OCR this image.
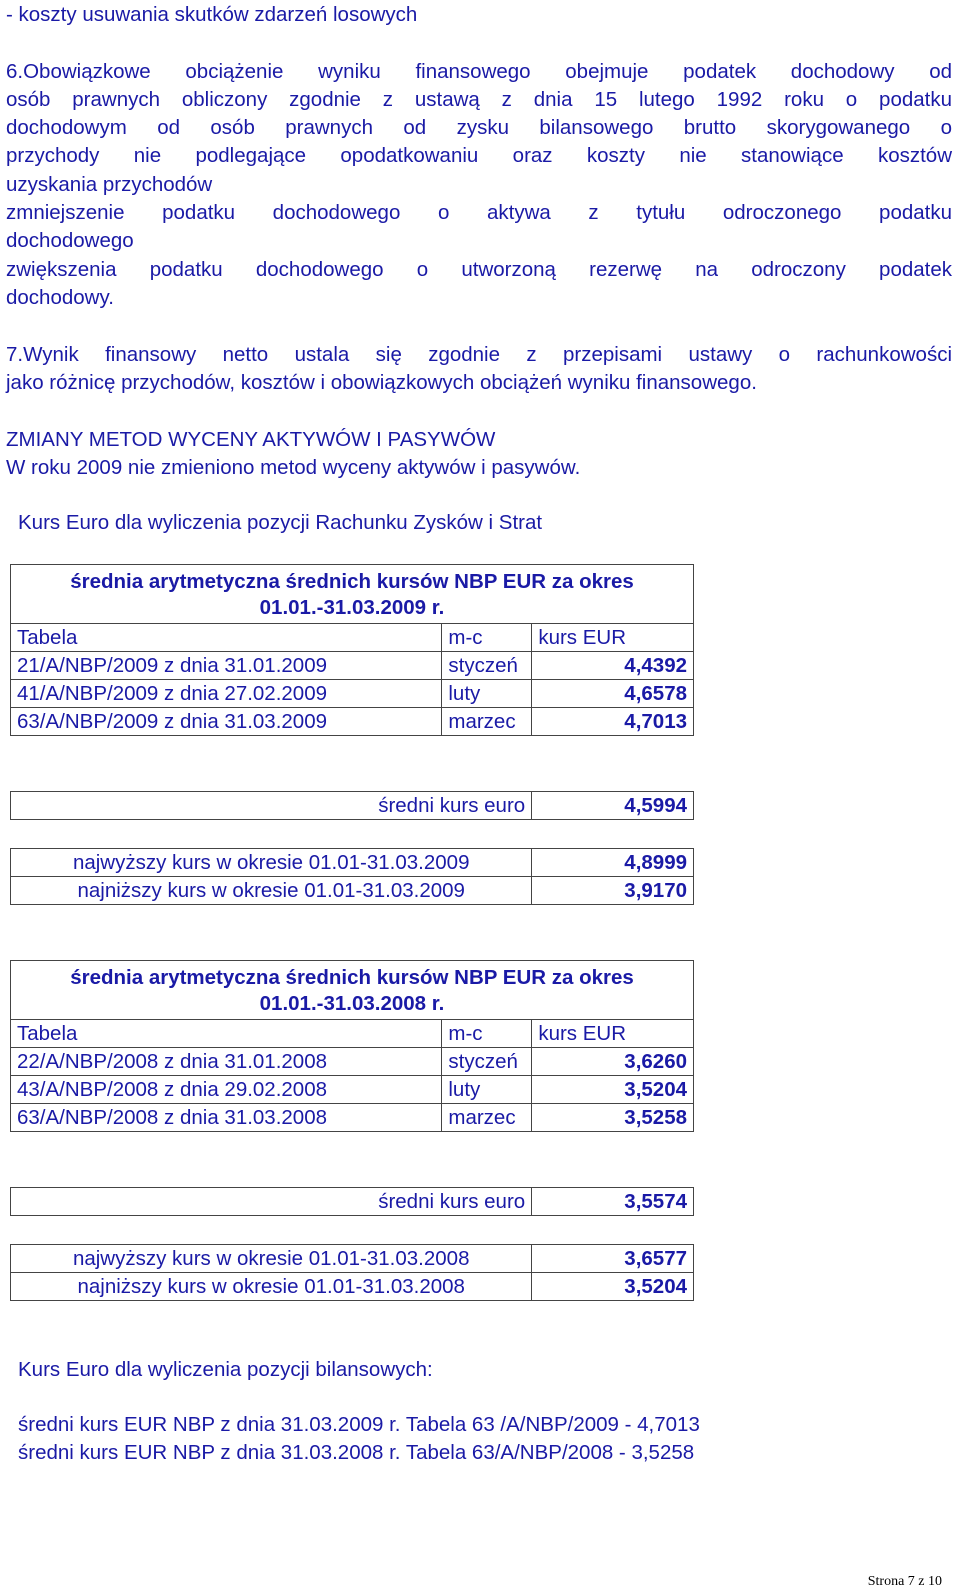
- koszty usuwania skutków zdarzeń losowych
6.Obowiązkowe obciążenie wyniku finansowego obejmuje podatek dochodowy od
osób prawnych obliczony zgodnie z ustawą z dnia 15 lutego 1992 roku o podatku
dochodowym od osób prawnych od zysku bilansowego brutto skorygowanego o
przychody nie podlegające opodatkowaniu oraz koszty nie stanowiące kosztów
uzyskania przychodów
zmniejszenie podatku dochodowego o aktywa z tytułu odroczonego podatku
dochodowego
zwiększenia podatku dochodowego o utworzoną rezerwę na odroczony podatek
dochodowy.
7.Wynik finansowy netto ustala się zgodnie z przepisami ustawy o rachunkowości
jako różnicę przychodów, kosztów i obowiązkowych obciążeń wyniku finansowego.
ZMIANY METOD WYCENY AKTYWÓW I PASYWÓW
W roku 2009 nie zmieniono metod wyceny aktywów i pasywów.
Kurs Euro dla wyliczenia pozycji Rachunku Zysków i Strat
średnia arytmetyczna średnich kursów NBP EUR za okres
01.01.-31.03.2009 r.		

Tabela	m-c	kurs EUR
21/A/NBP/2009 z dnia 31.01.2009	styczeń	4,4392
41/A/NBP/2009 z dnia 27.02.2009	luty	4,6578
63/A/NBP/2009 z dnia 31.03.2009	marzec	4,7013
średni kurs euro	4,5994
najwyższy kurs w okresie 01.01-31.03.2009	4,8999
najniższy kurs w okresie 01.01-31.03.2009	3,9170
średnia arytmetyczna średnich kursów NBP EUR za okres
01.01.-31.03.2008 r.		

Tabela	m-c	kurs EUR
22/A/NBP/2008 z dnia 31.01.2008	styczeń	3,6260
43/A/NBP/2008 z dnia 29.02.2008	luty	3,5204
63/A/NBP/2008 z dnia 31.03.2008	marzec	3,5258
średni kurs euro	3,5574
najwyższy kurs w okresie 01.01-31.03.2008	3,6577
najniższy kurs w okresie 01.01-31.03.2008	3,5204
Kurs Euro dla wyliczenia pozycji bilansowych:
średni kurs EUR NBP z dnia 31.03.2009 r. Tabela 63 /A/NBP/2009 - 4,7013
średni kurs EUR NBP z dnia 31.03.2008 r. Tabela 63/A/NBP/2008 - 3,5258
Strona 7 z 10
